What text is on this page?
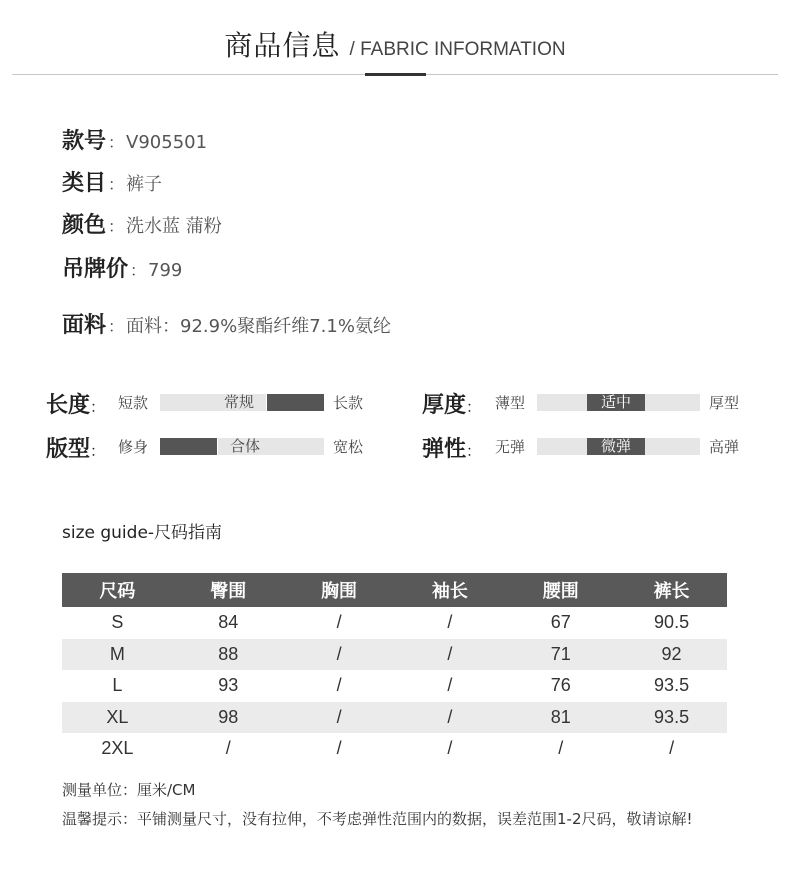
商品信息 / FABRIC INFORMATION
款号 ： V905501
类目 ： 裤子
颜色 ： 洗水蓝 蒲粉
吊牌价 ： 799
面料 ： 面料：92.9%聚酯纤维7.1%氨纶
长度： 短款	常规	长款	厚度： 薄型	适中	厚型
版型： 修身	合体	宽松	弹性： 无弹	微弹	高弹
size guide-尺码指南
尺码	臀围	胸围	袖长	腰围	裤长
S	84	/	/	67	90.5
M	88	/	/	71	92
L	93	/	/	76	93.5
XL	98	/	/	81	93.5
2XL	/	/	/	/	/
测量单位：厘米/CM
温馨提示：平铺测量尺寸，没有拉伸，不考虑弹性范围内的数据，误差范围1-2尺码，敬请谅解!
